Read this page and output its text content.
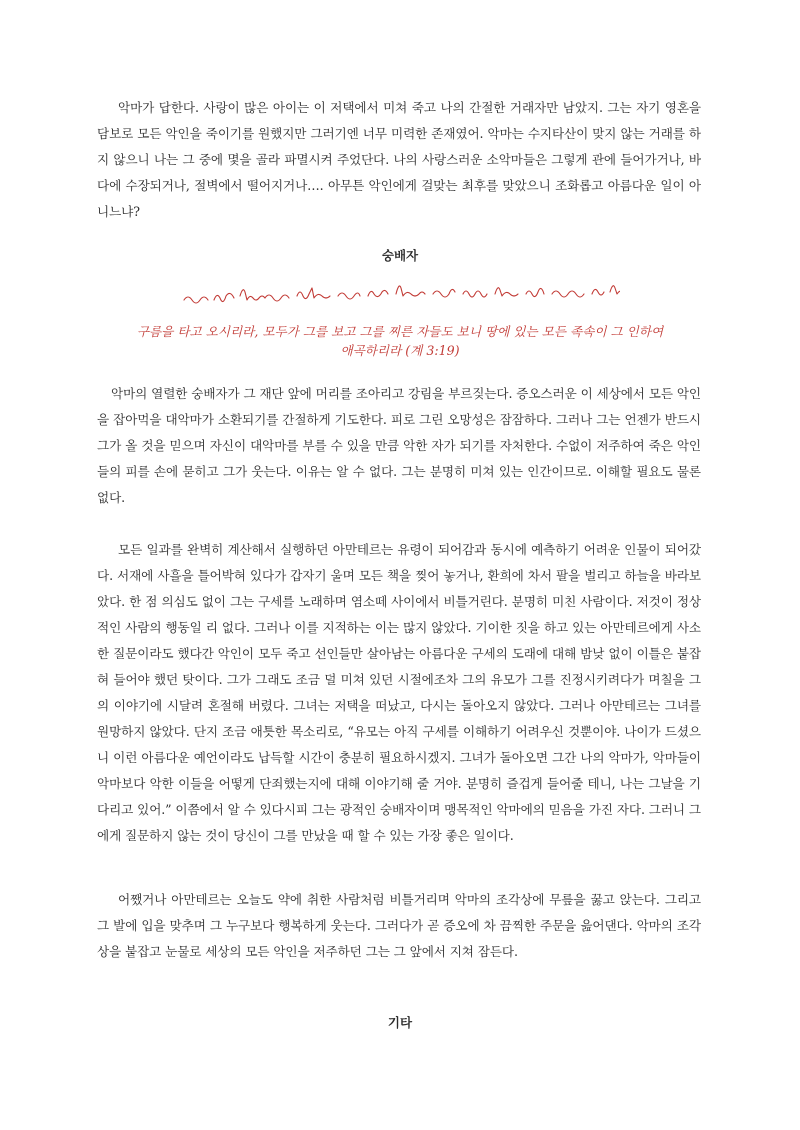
악마가 답한다. 사랑이 많은 아이는 이 저택에서 미쳐 죽고 나의 간절한 거래자만 남았지. 그는 자기 영혼을 담보로 모든 악인을 죽이기를 원했지만 그러기엔 너무 미력한 존재였어. 악마는 수지타산이 맞지 않는 거래를 하지 않으니 나는 그 중에 몇을 골라 파멸시켜 주었단다. 나의 사랑스러운 소악마들은 그렇게 관에 들어가거나, 바다에 수장되거나, 절벽에서 떨어지거나…. 아무튼 악인에게 걸맞는 최후를 맞았으니 조화롭고 아름다운 일이 아니느냐?

숭배자

구름을 타고 오시리라, 모두가 그를 보고 그를 찌른 자들도 보니 땅에 있는 모든 족속이 그 인하여
애곡하리라 (계 3:19)

악마의 열렬한 숭배자가 그 재단 앞에 머리를 조아리고 강림을 부르짖는다. 증오스러운 이 세상에서 모든 악인을 잡아먹을 대악마가 소환되기를 간절하게 기도한다. 피로 그린 오망성은 잠잠하다. 그러나 그는 언젠가 반드시 그가 올 것을 믿으며 자신이 대악마를 부를 수 있을 만큼 악한 자가 되기를 자처한다. 수없이 저주하여 죽은 악인들의 피를 손에 묻히고 그가 웃는다. 이유는 알 수 없다. 그는 분명히 미쳐 있는 인간이므로. 이해할 필요도 물론 없다.

모든 일과를 완벽히 계산해서 실행하던 아만테르는 유령이 되어감과 동시에 예측하기 어려운 인물이 되어갔다. 서재에 사흘을 틀어박혀 있다가 갑자기 울며 모든 책을 찢어 놓거나, 환희에 차서 팔을 벌리고 하늘을 바라보았다. 한 점 의심도 없이 그는 구세를 노래하며 염소떼 사이에서 비틀거린다. 분명히 미친 사람이다. 저것이 정상적인 사람의 행동일 리 없다. 그러나 이를 지적하는 이는 많지 않았다. 기이한 짓을 하고 있는 아만테르에게 사소한 질문이라도 했다간 악인이 모두 죽고 선인들만 살아남는 아름다운 구세의 도래에 대해 밤낮 없이 이틀은 붙잡혀 들어야 했던 탓이다. 그가 그래도 조금 덜 미쳐 있던 시절에조차 그의 유모가 그를 진정시키려다가 며칠을 그의 이야기에 시달려 혼절해 버렸다. 그녀는 저택을 떠났고, 다시는 돌아오지 않았다. 그러나 아만테르는 그녀를 원망하지 않았다. 단지 조금 애틋한 목소리로, “유모는 아직 구세를 이해하기 어려우신 것뿐이야. 나이가 드셨으니 이런 아름다운 예언이라도 납득할 시간이 충분히 필요하시겠지. 그녀가 돌아오면 그간 나의 악마가, 악마들이 악마보다 악한 이들을 어떻게 단죄했는지에 대해 이야기해 줄 거야. 분명히 즐겁게 들어줄 테니, 나는 그날을 기다리고 있어.” 이쯤에서 알 수 있다시피 그는 광적인 숭배자이며 맹목적인 악마에의 믿음을 가진 자다. 그러니 그에게 질문하지 않는 것이 당신이 그를 만났을 때 할 수 있는 가장 좋은 일이다.

어쨌거나 아만테르는 오늘도 약에 취한 사람처럼 비틀거리며 악마의 조각상에 무릎을 꿇고 앉는다. 그리고 그 발에 입을 맞추며 그 누구보다 행복하게 웃는다. 그러다가 곧 증오에 차 끔찍한 주문을 읊어댄다. 악마의 조각상을 붙잡고 눈물로 세상의 모든 악인을 저주하던 그는 그 앞에서 지쳐 잠든다.

기타
